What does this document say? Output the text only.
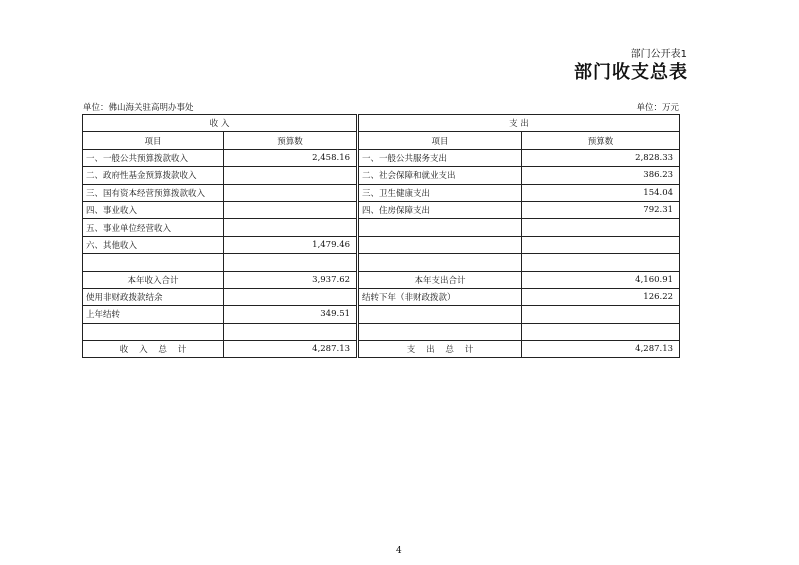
部门公开表1
部门收支总表
单位：佛山海关驻高明办事处	单位：万元
收 入			支 出	
项目	预算数		项目	预算数
一、一般公共预算拨款收入	2,458.16		一、一般公共服务支出	2,828.33
二、政府性基金预算拨款收入			二、社会保障和就业支出	386.23
三、国有资本经营预算拨款收入			三、卫生健康支出	154.04
四、事业收入			四、住房保障支出	792.31
五、事业单位经营收入				
六、其他收入	1,479.46			

本年收入合计	3,937.62		本年支出合计	4,160.91
使用非财政拨款结余			结转下年（非财政拨款）	126.22
上年结转	349.51			

收    入    总    计	4,287.13		支    出    总    计	4,287.13
4
